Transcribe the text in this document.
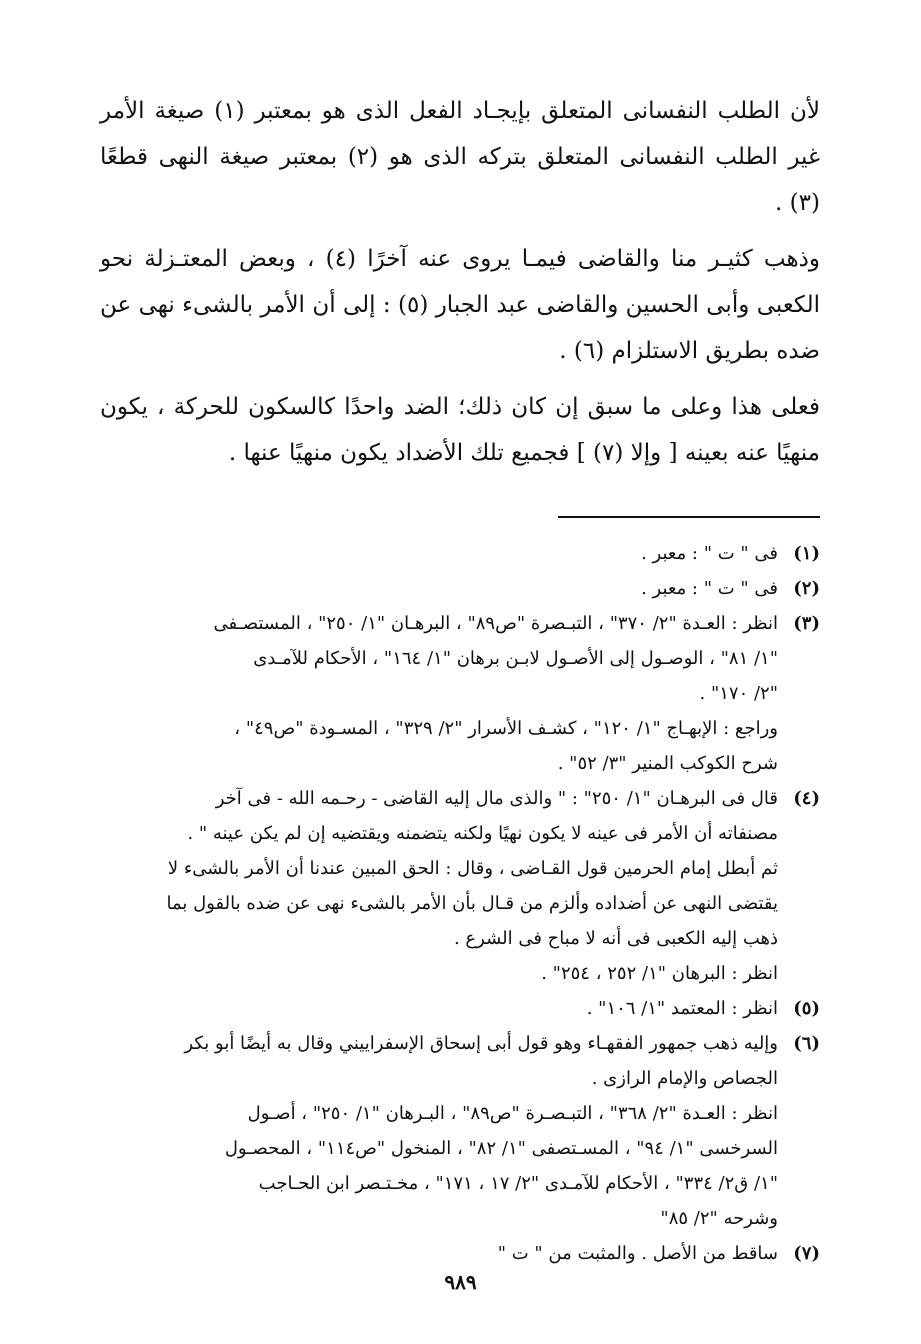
لأن الطلب النفسانى المتعلق بإيجـاد الفعل الذى هو بمعتبر (١) صيغة الأمر غير الطلب النفسانى المتعلق بتركه الذى هو (٢) بمعتبر صيغة النهى قطعًا (٣) .

وذهب كثيـر منا والقاضى فيمـا يروى عنه آخرًا (٤) ، وبعض المعتـزلة نحو الكعبى وأبى الحسين والقاضى عبد الجبار (٥) : إلى أن الأمر بالشىء نهى عن ضده بطريق الاستلزام (٦) .

فعلى هذا وعلى ما سبق إن كان ذلك؛ الضد واحدًا كالسكون للحركة ، يكون منهيًا عنه بعينه [ وإلا (٧) ] فجميع تلك الأضداد يكون منهيًا عنها .

(١)
فى " ت " : معبر .
(٢)
فى " ت " : معبر .
(٣)
انظر : العـدة "٢/ ٣٧٠" ، التبـصرة "ص٨٩" ، البرهـان "١/ ٢٥٠" ، المستصـفى
"١/ ٨١" ، الوصـول إلى الأصـول لابـن برهان "١/ ١٦٤" ، الأحكام للآمـدى
"٢/ ١٧٠" .
وراجع : الإبهـاج "١/ ١٢٠" ، كشـف الأسرار "٢/ ٣٢٩" ، المسـودة "ص٤٩" ،
شرح الكوكب المنير "٣/ ٥٢" .
(٤)
قال فى البرهـان "١/ ٢٥٠" : " والذى مال إليه القاضى - رحـمه الله - فى آخر
مصنفاته أن الأمر فى عينه لا يكون نهيًا ولكنه يتضمنه ويقتضيه إن لم يكن عينه " .
ثم أبطل إمام الحرمين قول القـاضى ، وقال : الحق المبين عندنا أن الأمر بالشىء لا
يقتضى النهى عن أضداده وألزم من قـال بأن الأمر بالشىء نهى عن ضده بالقول بما
ذهب إليه الكعبى فى أنه لا مباح فى الشرع .
انظر : البرهان "١/ ٢٥٢ ، ٢٥٤" .
(٥)
انظر : المعتمد "١/ ١٠٦" .
(٦)
وإليه ذهب جمهور الفقهـاء وهو قول أبى إسحاق الإسفراييني وقال به أيضًا أبو بكر
الجصاص والإمام الرازى .
انظر : العـدة "٢/ ٣٦٨" ، التبـصـرة "ص٨٩" ، البـرهان "١/ ٢٥٠" ، أصـول
السرخسى "١/ ٩٤" ، المسـتصفى "١/ ٨٢" ، المنخول "ص١١٤" ، المحصـول
"١/ ق٢/ ٣٣٤" ، الأحكام للآمـدى "٢/ ١٧ ، ١٧١" ، مخـتـصر ابن الحـاجب
وشرحه "٢/ ٨٥"
(٧)
ساقط من الأصل . والمثبت من " ت "
٩٨٩
